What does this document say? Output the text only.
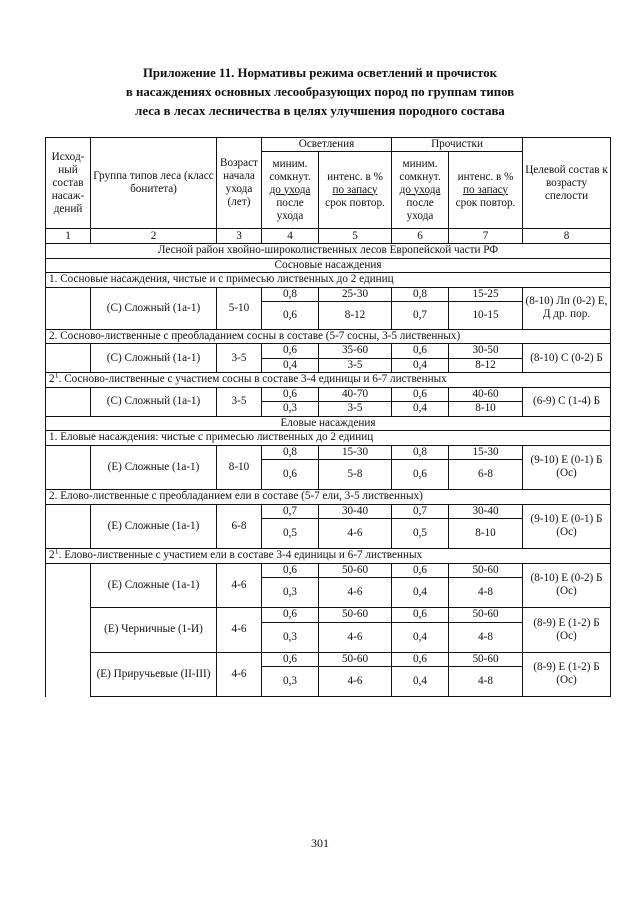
Приложение 11. Нормативы режима осветлений и прочисток
в насаждениях основных лесообразующих пород по группам типов
леса в лесах лесничества в целях улучшения породного состава
Исход-ный состав насаж-дений	Группа типов леса (класс бонитета)	Возраст начала ухода (лет)	Осветления		Прочистки		Целевой состав к возрасту спелости
			миним. сомкнут.
до ухода
после ухода	интенс. в %
по запасу
срок повтор.	миним. сомкнут.
до ухода
после ухода	интенс. в %
по запасу
срок повтор.	
1	2	3	4	5	6	7	8
Лесной район хвойно-широколиственных лесов Европейской части РФ							
Сосновые насаждения							
1. Сосновые насаждения, чистые и с примесью лиственных до 2 единиц							
	(С) Сложный (1а-1)	5-10	0,8	25-30	0,8	15-25	(8-10) Лп (0-2) Е, Д др. пор.
			0,6	8-12	0,7	10-15	
2. Сосново-лиственные с преобладанием сосны в составе (5-7 сосны, 3-5 лиственных)							
	(С) Сложный (1а-1)	3-5	0,6	35-60	0,6	30-50	(8-10) С (0-2) Б
			0,4	3-5	0,4	8-12	
$2^1$. Сосново-лиственные с участием сосны в составе 3-4 единицы и 6-7 лиственных							
	(С) Сложный (1а-1)	3-5	0,6	40-70	0,6	40-60	(6-9) С (1-4) Б
			0,3	3-5	0,4	8-10	
Еловые насаждения							
1. Еловые насаждения: чистые с примесью лиственных до 2 единиц							
	(Е) Сложные (1а-1)	8-10	0,8	15-30	0,8	15-30	(9-10) Е (0-1) Б (Ос)
			0,6	5-8	0,6	6-8	
2. Елово-лиственные с преобладанием ели в составе (5-7 ели, 3-5 лиственных)							
	(Е) Сложные (1а-1)	6-8	0,7	30-40	0,7	30-40	(9-10) Е (0-1) Б (Ос)
			0,5	4-6	0,5	8-10	
$2^1$. Елово-лиственные с участием ели в составе 3-4 единицы и 6-7 лиственных							
	(Е) Сложные (1а-1)	4-6	0,6	50-60	0,6	50-60	(8-10) Е (0-2) Б (Ос)
			0,3	4-6	0,4	4-8	
	(Е) Черничные (1-И)	4-6	0,6	50-60	0,6	50-60	(8-9) Е (1-2) Б (Ос)
			0,3	4-6	0,4	4-8	
	(Е) Приручьевые (II-III)	4-6	0,6	50-60	0,6	50-60	(8-9) Е (1-2) Б (Ос)
			0,3	4-6	0,4	4-8	
301
